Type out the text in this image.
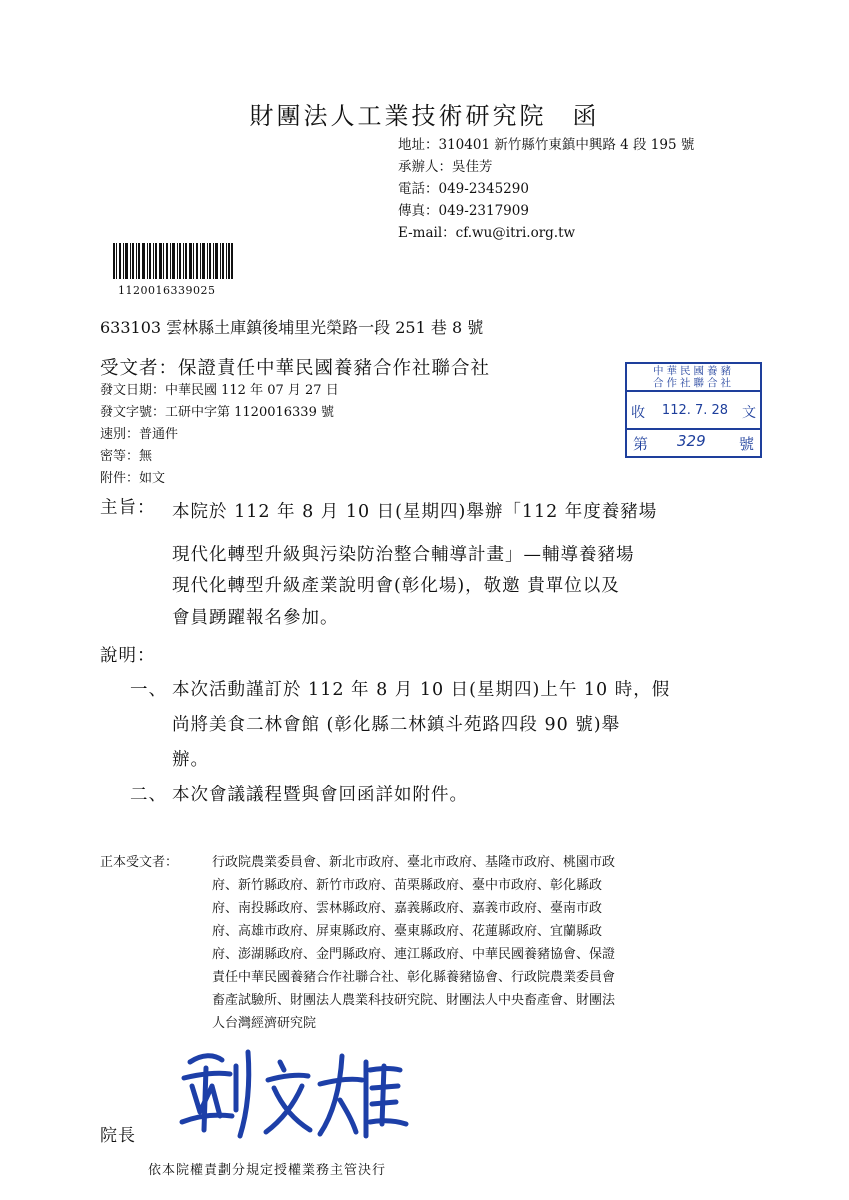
財團法人工業技術研究院 函
地址：310401 新竹縣竹東鎮中興路 4 段 195 號
承辦人：吳佳芳
電話：049-2345290
傳真：049-2317909
E-mail：cf.wu@itri.org.tw
1120016339025
633103 雲林縣土庫鎮後埔里光榮路一段 251 巷 8 號
受文者：保證責任中華民國養豬合作社聯合社
發文日期：中華民國 112 年 07 月 27 日
發文字號：工研中字第 1120016339 號
速別：普通件
密等：無
附件：如文
中華民國養豬
合作社聯合社
收	112. 7. 28 文
第 329 號
主旨： 本院於 112 年 8 月 10 日(星期四)舉辦「112 年度養豬場
現代化轉型升級與污染防治整合輔導計畫」—輔導養豬場
現代化轉型升級產業說明會(彰化場)，敬邀 貴單位以及
會員踴躍報名參加。
說明：
一、 本次活動謹訂於 112 年 8 月 10 日(星期四)上午 10 時，假
尚將美食二林會館 (彰化縣二林鎮斗苑路四段 90 號)舉
辦。
二、 本次會議議程暨與會回函詳如附件。
正本受文者：	行政院農業委員會、新北市政府、臺北市政府、基隆市政府、桃園市政
府、新竹縣政府、新竹市政府、苗栗縣政府、臺中市政府、彰化縣政
府、南投縣政府、雲林縣政府、嘉義縣政府、嘉義市政府、臺南市政
府、高雄市政府、屏東縣政府、臺東縣政府、花蓮縣政府、宜蘭縣政
府、澎湖縣政府、金門縣政府、連江縣政府、中華民國養豬協會、保證
責任中華民國養豬合作社聯合社、彰化縣養豬協會、行政院農業委員會
畜產試驗所、財團法人農業科技研究院、財團法人中央畜產會、財團法
人台灣經濟研究院
院長
依本院權責劃分規定授權業務主管決行
